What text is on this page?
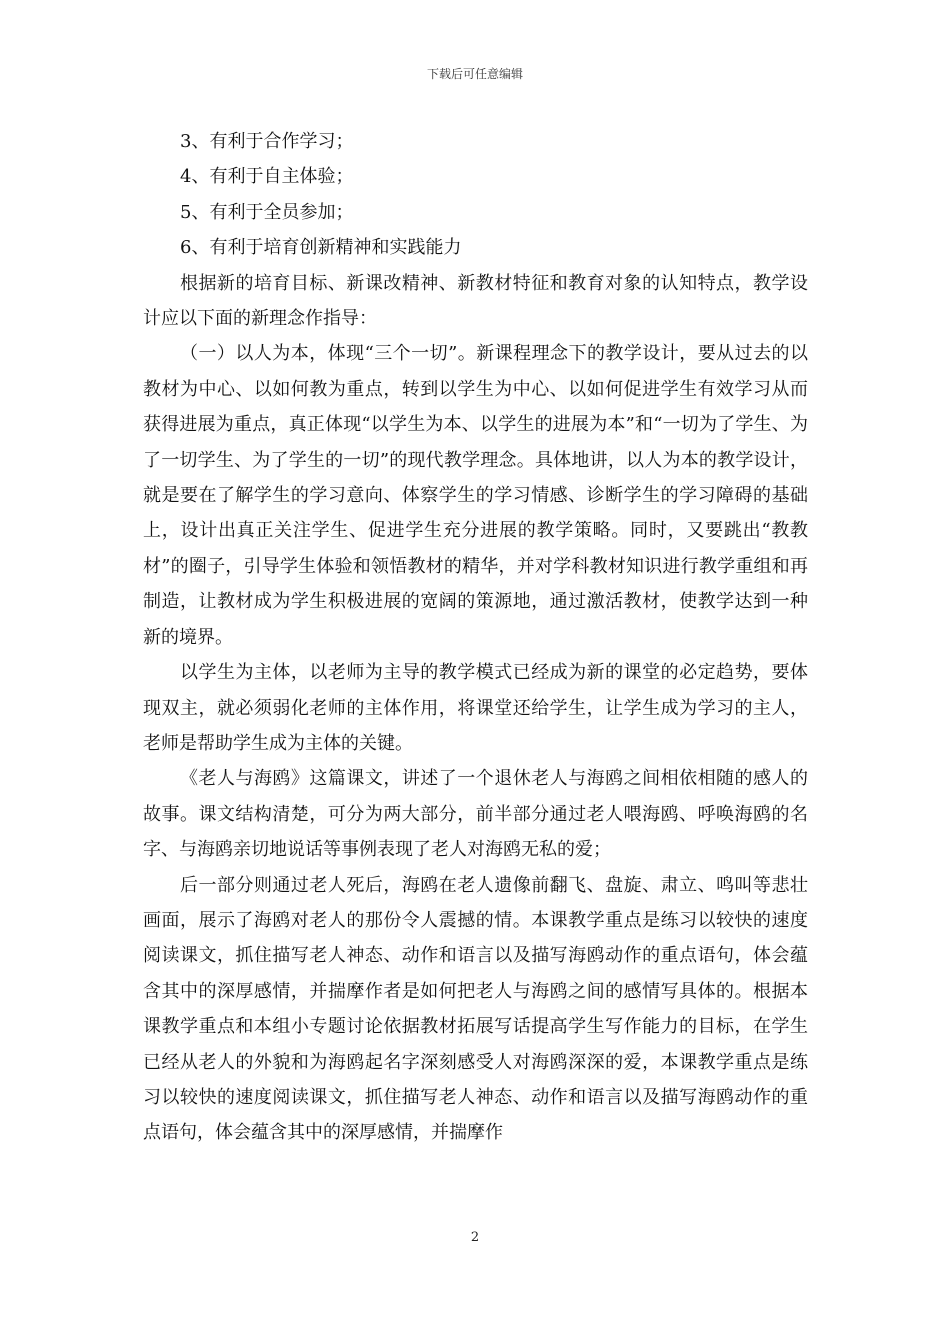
下载后可任意编辑

3、有利于合作学习；

4、有利于自主体验；

5、有利于全员参加；

6、有利于培育创新精神和实践能力

根据新的培育目标、新课改精神、新教材特征和教育对象的认知特点，教学设计应以下面的新理念作指导：

（一）以人为本，体现“三个一切”。新课程理念下的教学设计，要从过去的以教材为中心、以如何教为重点，转到以学生为中心、以如何促进学生有效学习从而获得进展为重点，真正体现“以学生为本、以学生的进展为本”和“一切为了学生、为了一切学生、为了学生的一切”的现代教学理念。具体地讲，以人为本的教学设计，就是要在了解学生的学习意向、体察学生的学习情感、诊断学生的学习障碍的基础上，设计出真正关注学生、促进学生充分进展的教学策略。同时，又要跳出“教教材”的圈子，引导学生体验和领悟教材的精华，并对学科教材知识进行教学重组和再制造，让教材成为学生积极进展的宽阔的策源地，通过激活教材，使教学达到一种新的境界。

以学生为主体，以老师为主导的教学模式已经成为新的课堂的必定趋势，要体现双主，就必须弱化老师的主体作用，将课堂还给学生，让学生成为学习的主人，老师是帮助学生成为主体的关键。

《老人与海鸥》这篇课文，讲述了一个退休老人与海鸥之间相依相随的感人的故事。课文结构清楚，可分为两大部分，前半部分通过老人喂海鸥、呼唤海鸥的名字、与海鸥亲切地说话等事例表现了老人对海鸥无私的爱；

后一部分则通过老人死后，海鸥在老人遗像前翻飞、盘旋、肃立、鸣叫等悲壮画面，展示了海鸥对老人的那份令人震撼的情。本课教学重点是练习以较快的速度阅读课文，抓住描写老人神态、动作和语言以及描写海鸥动作的重点语句，体会蕴含其中的深厚感情，并揣摩作者是如何把老人与海鸥之间的感情写具体的。根据本课教学重点和本组小专题讨论依据教材拓展写话提高学生写作能力的目标，在学生已经从老人的外貌和为海鸥起名字深刻感受人对海鸥深深的爱，本课教学重点是练习以较快的速度阅读课文，抓住描写老人神态、动作和语言以及描写海鸥动作的重点语句，体会蕴含其中的深厚感情，并揣摩作

2
